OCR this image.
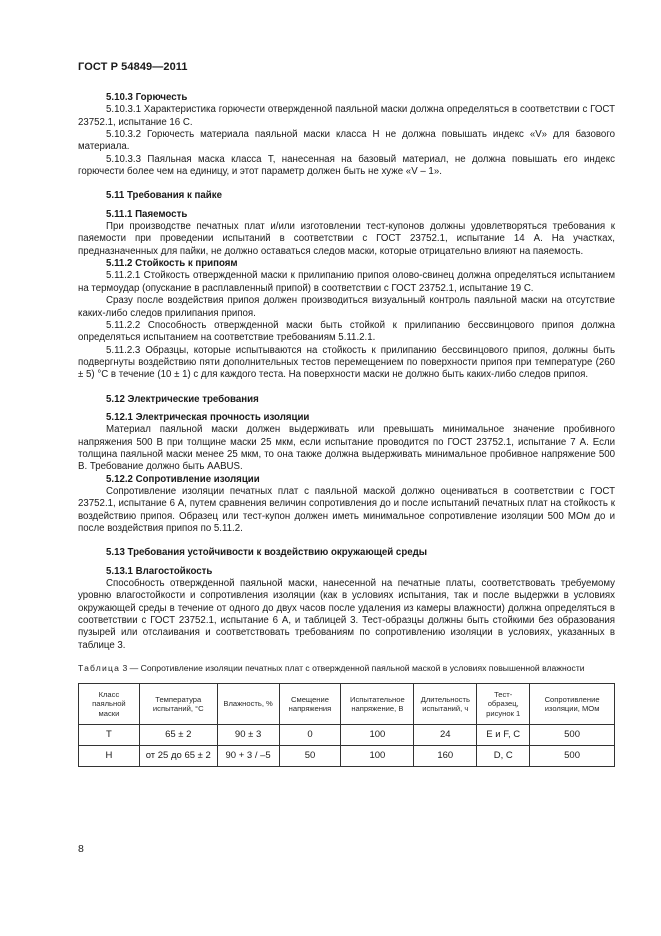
ГОСТ Р 54849—2011

5.10.3 Горючесть

5.10.3.1 Характеристика горючести отвержденной паяльной маски должна определяться в соответствии с ГОСТ 23752.1, испытание 16 С.

5.10.3.2 Горючесть материала паяльной маски класса Н не должна повышать индекс «V» для базового материала.

5.10.3.3 Паяльная маска класса Т, нанесенная на базовый материал, не должна повышать его индекс горючести более чем на единицу, и этот параметр должен быть не хуже «V – 1».

5.11 Требования к пайке

5.11.1 Паяемость

При производстве печатных плат и/или изготовлении тест-купонов должны удовлетворяться требования к паяемости при проведении испытаний в соответствии с ГОСТ 23752.1, испытание 14 А. На участках, предназначенных для пайки, не должно оставаться следов маски, которые отрицательно влияют на паяемость.

5.11.2 Стойкость к припоям

5.11.2.1 Стойкость отвержденной маски к прилипанию припоя олово-свинец должна определяться испытанием на термоудар (опускание в расплавленный припой) в соответствии с ГОСТ 23752.1, испытание 19 С.

Сразу после воздействия припоя должен производиться визуальный контроль паяльной маски на отсутствие каких-либо следов прилипания припоя.

5.11.2.2 Способность отвержденной маски быть стойкой к прилипанию бессвинцового припоя должна определяться испытанием на соответствие требованиям 5.11.2.1.

5.11.2.3 Образцы, которые испытываются на стойкость к прилипанию бессвинцового припоя, должны быть подвергнуты воздействию пяти дополнительных тестов перемещением по поверхности припоя при температуре (260 ± 5) °С в течение (10 ± 1) с для каждого теста. На поверхности маски не должно быть каких-либо следов припоя.

5.12 Электрические требования

5.12.1 Электрическая прочность изоляции

Материал паяльной маски должен выдерживать или превышать минимальное значение пробивного напряжения 500 В при толщине маски 25 мкм, если испытание проводится по ГОСТ 23752.1, испытание 7 А. Если толщина паяльной маски менее 25 мкм, то она также должна выдерживать минимальное пробивное напряжение 500 В. Требование должно быть ААВUS.

5.12.2 Сопротивление изоляции

Сопротивление изоляции печатных плат с паяльной маской должно оцениваться в соответствии с ГОСТ 23752.1, испытание 6 А, путем сравнения величин сопротивления до и после испытаний печатных плат на стойкость к воздействию припоя. Образец или тест-купон должен иметь минимальное сопротивление изоляции 500 МОм до и после воздействия припоя по 5.11.2.

5.13 Требования устойчивости к воздействию окружающей среды

5.13.1 Влагостойкость

Способность отвержденной паяльной маски, нанесенной на печатные платы, соответствовать требуемому уровню влагостойкости и сопротивления изоляции (как в условиях испытания, так и после выдержки в условиях окружающей среды в течение от одного до двух часов после удаления из камеры влажности) должна определяться в соответствии с ГОСТ 23752.1, испытание 6 А, и таблицей 3. Тест-образцы должны быть стойкими без образования пузырей или отслаивания и соответствовать требованиям по сопротивлению изоляции в условиях, указанных в таблице 3.

Таблица 3 — Сопротивление изоляции печатных плат с отвержденной паяльной маской в условиях повышенной влажности
Класс паяльной маски	Температура испытаний, °С	Влажность, %	Смещение напряжения	Испытательное напряжение, В	Длительность испытаний, ч	Тест-образец, рисунок 1	Сопротивление изоляции, МОм
Т	65 ± 2	90 ± 3	0	100	24	E и F, C	500
Н	от 25 до 65 ± 2	90 + 3 / –5	50	100	160	D, C	500
8
